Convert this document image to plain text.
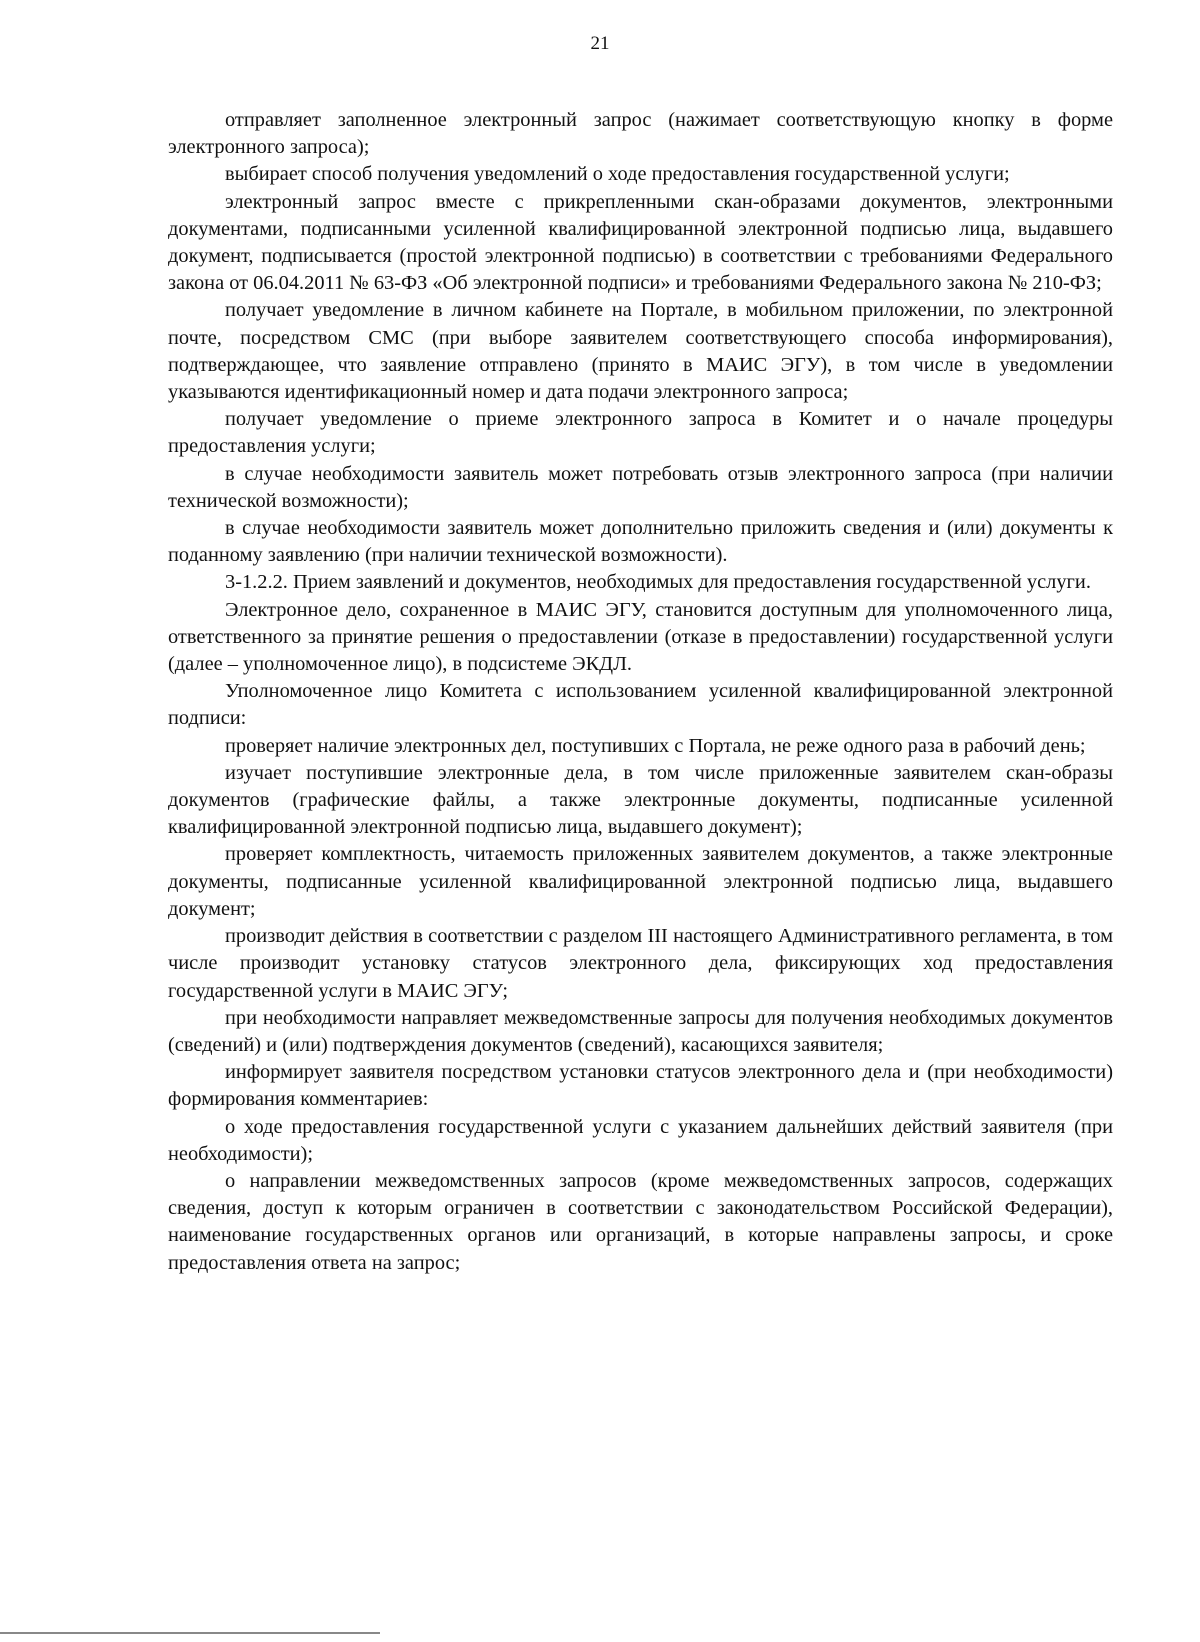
21

отправляет заполненное электронный запрос (нажимает соответствующую кнопку в форме электронного запроса);

выбирает способ получения уведомлений о ходе предоставления государственной услуги;

электронный запрос вместе с прикрепленными скан-образами документов, электронными документами, подписанными усиленной квалифицированной электронной подписью лица, выдавшего документ, подписывается (простой электронной подписью) в соответствии с требованиями Федерального закона от 06.04.2011 № 63-ФЗ «Об электронной подписи» и требованиями Федерального закона № 210-ФЗ;

получает уведомление в личном кабинете на Портале, в мобильном приложении, по электронной почте, посредством СМС (при выборе заявителем соответствующего способа информирования), подтверждающее, что заявление отправлено (принято в МАИС ЭГУ), в том числе в уведомлении указываются идентификационный номер и дата подачи электронного запроса;

получает уведомление о приеме электронного запроса в Комитет и о начале процедуры предоставления услуги;

в случае необходимости заявитель может потребовать отзыв электронного запроса (при наличии технической возможности);

в случае необходимости заявитель может дополнительно приложить сведения и (или) документы к поданному заявлению (при наличии технической возможности).

3-1.2.2. Прием заявлений и документов, необходимых для предоставления государственной услуги.

Электронное дело, сохраненное в МАИС ЭГУ, становится доступным для уполномоченного лица, ответственного за принятие решения о предоставлении (отказе в предоставлении) государственной услуги (далее – уполномоченное лицо), в подсистеме ЭКДЛ.

Уполномоченное лицо Комитета с использованием усиленной квалифицированной электронной подписи:

проверяет наличие электронных дел, поступивших с Портала, не реже одного раза в рабочий день;

изучает поступившие электронные дела, в том числе приложенные заявителем скан-образы документов (графические файлы, а также электронные документы, подписанные усиленной квалифицированной электронной подписью лица, выдавшего документ);

проверяет комплектность, читаемость приложенных заявителем документов, а также электронные документы, подписанные усиленной квалифицированной электронной подписью лица, выдавшего документ;

производит действия в соответствии с разделом III настоящего Административного регламента, в том числе производит установку статусов электронного дела, фиксирующих ход предоставления государственной услуги в МАИС ЭГУ;

при необходимости направляет межведомственные запросы для получения необходимых документов (сведений) и (или) подтверждения документов (сведений), касающихся заявителя;

информирует заявителя посредством установки статусов электронного дела и (при необходимости) формирования комментариев:

о ходе предоставления государственной услуги с указанием дальнейших действий заявителя (при необходимости);

о направлении межведомственных запросов (кроме межведомственных запросов, содержащих сведения, доступ к которым ограничен в соответствии с законодательством Российской Федерации), наименование государственных органов или организаций, в которые направлены запросы, и сроке предоставления ответа на запрос;
